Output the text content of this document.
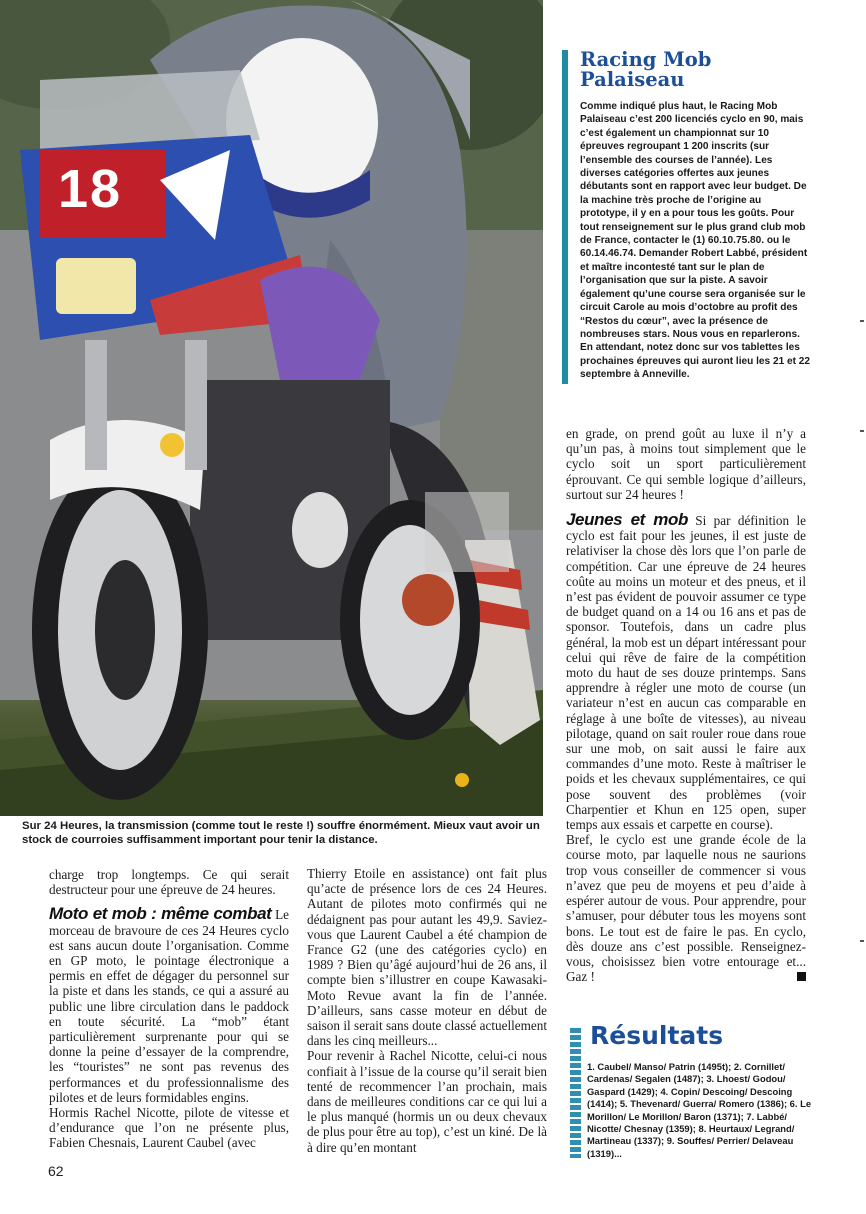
18
Sur 24 Heures, la transmission (comme tout le reste !) souffre énormément. Mieux vaut avoir un stock de courroies suffisamment important pour tenir la distance.
Racing Mob
Palaiseau
Comme indiqué plus haut, le Racing Mob Palaiseau c’est 200 licenciés cyclo en 90, mais c’est également un championnat sur 10 épreuves regroupant 1 200 inscrits (sur l’ensemble des courses de l’année). Les diverses catégories offertes aux jeunes débutants sont en rapport avec leur budget. De la machine très proche de l’origine au prototype, il y en a pour tous les goûts. Pour tout renseignement sur le plus grand club mob de France, contacter le (1) 60.10.75.80. ou le 60.14.46.74. Demander Robert Labbé, président et maître incontesté tant sur le plan de l’organisation que sur la piste. A savoir également qu’une course sera organisée sur le circuit Carole au mois d’octobre au profit des “Restos du cœur”, avec la présence de nombreuses stars. Nous vous en reparlerons. En attendant, notez donc sur vos tablettes les prochaines épreuves qui auront lieu les 21 et 22 septembre à Anneville.

charge trop longtemps. Ce qui serait destructeur pour une épreuve de 24 heures.

Moto et mob : même combat Le morceau de bravoure de ces 24 Heures cyclo est sans aucun doute l’organisation. Comme en GP moto, le pointage électronique a permis en effet de dégager du personnel sur la piste et dans les stands, ce qui a assuré au public une libre circulation dans le paddock en toute sécurité. La “mob” étant particulièrement surprenante pour qui se donne la peine d’essayer de la comprendre, les “touristes” ne sont pas revenus des performances et du professionnalisme des pilotes et de leurs formidables engins.

Hormis Rachel Nicotte, pilote de vitesse et d’endurance que l’on ne présente plus, Fabien Chesnais, Laurent Caubel (avec

Thierry Etoile en assistance) ont fait plus qu’acte de présence lors de ces 24 Heures. Autant de pilotes moto confirmés qui ne dédaignent pas pour autant les 49,9. Saviez-vous que Laurent Caubel a été champion de France G2 (une des catégories cyclo) en 1989 ? Bien qu’âgé aujourd’hui de 26 ans, il compte bien s’illustrer en coupe Kawasaki-Moto Revue avant la fin de l’année. D’ailleurs, sans casse moteur en début de saison il serait sans doute classé actuellement dans les cinq meilleurs...

Pour revenir à Rachel Nicotte, celui-ci nous confiait à l’issue de la course qu’il serait bien tenté de recommencer l’an prochain, mais dans de meilleures conditions car ce qui lui a le plus manqué (hormis un ou deux chevaux de plus pour être au top), c’est un kiné. De là à dire qu’en montant

en grade, on prend goût au luxe il n’y a qu’un pas, à moins tout simplement que le cyclo soit un sport particulièrement éprouvant. Ce qui semble logique d’ailleurs, surtout sur 24 heures !

Jeunes et mob Si par définition le cyclo est fait pour les jeunes, il est juste de relativiser la chose dès lors que l’on parle de compétition. Car une épreuve de 24 heures coûte au moins un moteur et des pneus, et il n’est pas évident de pouvoir assumer ce type de budget quand on a 14 ou 16 ans et pas de sponsor. Toutefois, dans un cadre plus général, la mob est un départ intéressant pour celui qui rêve de faire de la compétition moto du haut de ses douze printemps. Sans apprendre à régler une moto de course (un variateur n’est en aucun cas comparable en réglage à une boîte de vitesses), au niveau pilotage, quand on sait rouler roue dans roue sur une mob, on sait aussi le faire aux commandes d’une moto. Reste à maîtriser le poids et les chevaux supplémentaires, ce qui pose souvent des problèmes (voir Charpentier et Khun en 125 open, super temps aux essais et carpette en course).

Bref, le cyclo est une grande école de la course moto, par laquelle nous ne saurions trop vous conseiller de commencer si vous n’avez que peu de moyens et peu d’aide à espérer autour de vous. Pour apprendre, pour s’amuser, pour débuter tous les moyens sont bons. Le tout est de faire le pas. En cyclo, dès douze ans c’est possible. Renseignez-vous, choisissez bien votre entourage et... Gaz !

Résultats
1. Caubel/ Manso/ Patrin (1495t); 2. Cornillet/ Cardenas/ Segalen (1487); 3. Lhoest/ Godou/ Gaspard (1429); 4. Copin/ Descoing/ Descoing (1414); 5. Thevenard/ Guerra/ Romero (1386); 6. Le Morillon/ Le Morillon/ Baron (1371); 7. Labbé/ Nicotte/ Chesnay (1359); 8. Heurtaux/ Legrand/ Martineau (1337); 9. Souffes/ Perrier/ Delaveau (1319)...
62
